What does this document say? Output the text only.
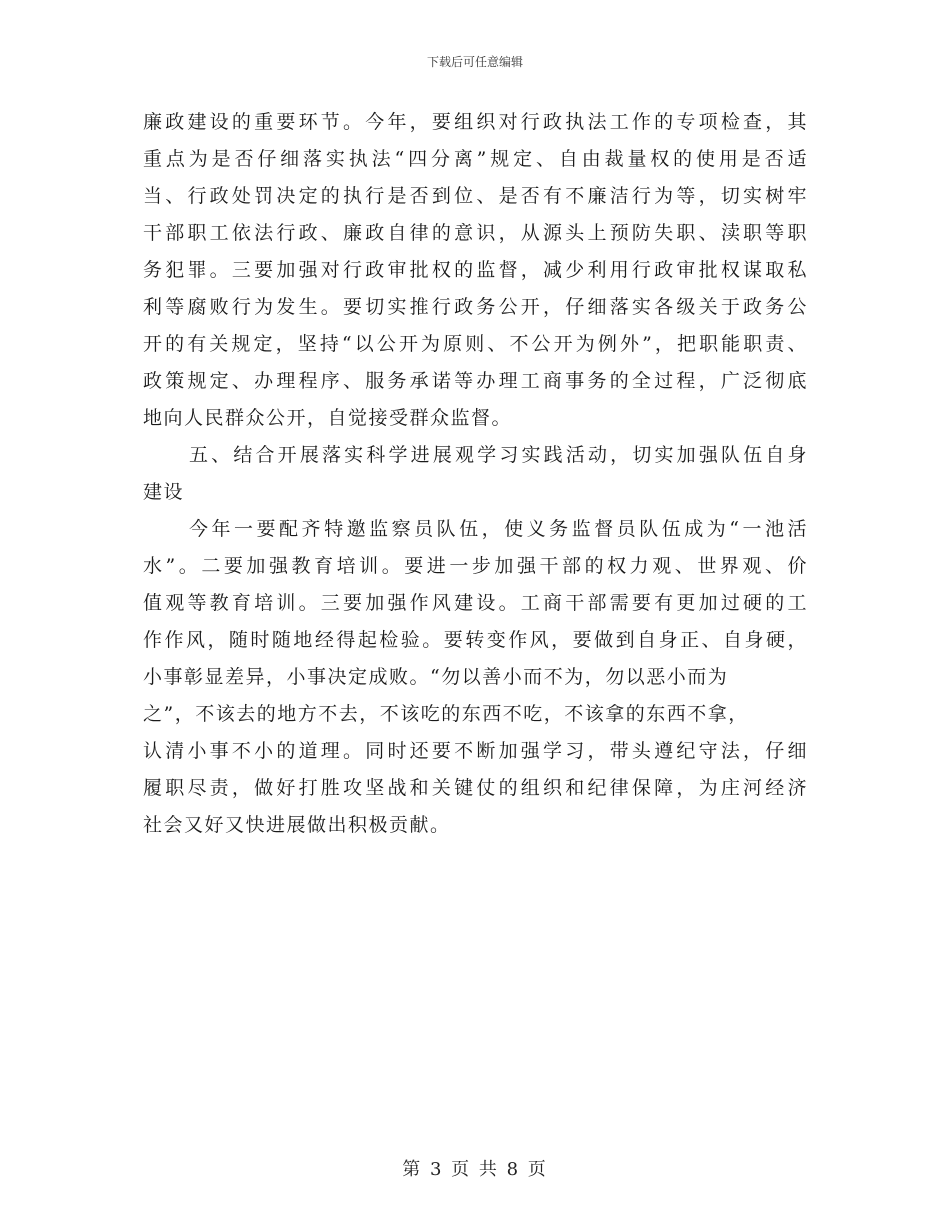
下载后可任意编辑
廉政建设的重要环节。今年，要组织对行政执法工作的专项检查，其
重点为是否仔细落实执法“四分离”规定、自由裁量权的使用是否适
当、行政处罚决定的执行是否到位、是否有不廉洁行为等，切实树牢
干部职工依法行政、廉政自律的意识，从源头上预防失职、渎职等职
务犯罪。三要加强对行政审批权的监督，减少利用行政审批权谋取私
利等腐败行为发生。要切实推行政务公开，仔细落实各级关于政务公
开的有关规定，坚持“以公开为原则、不公开为例外”，把职能职责、
政策规定、办理程序、服务承诺等办理工商事务的全过程，广泛彻底
地向人民群众公开，自觉接受群众监督。
五、结合开展落实科学进展观学习实践活动，切实加强队伍自身
建设
今年一要配齐特邀监察员队伍，使义务监督员队伍成为“一池活
水”。二要加强教育培训。要进一步加强干部的权力观、世界观、价
值观等教育培训。三要加强作风建设。工商干部需要有更加过硬的工
作作风，随时随地经得起检验。要转变作风，要做到自身正、自身硬，
小事彰显差异，小事决定成败。“勿以善小而不为，勿以恶小而为
之”，不该去的地方不去，不该吃的东西不吃，不该拿的东西不拿，
认清小事不小的道理。同时还要不断加强学习，带头遵纪守法，仔细
履职尽责，做好打胜攻坚战和关键仗的组织和纪律保障，为庄河经济
社会又好又快进展做出积极贡献。
第 3 页 共 8 页
